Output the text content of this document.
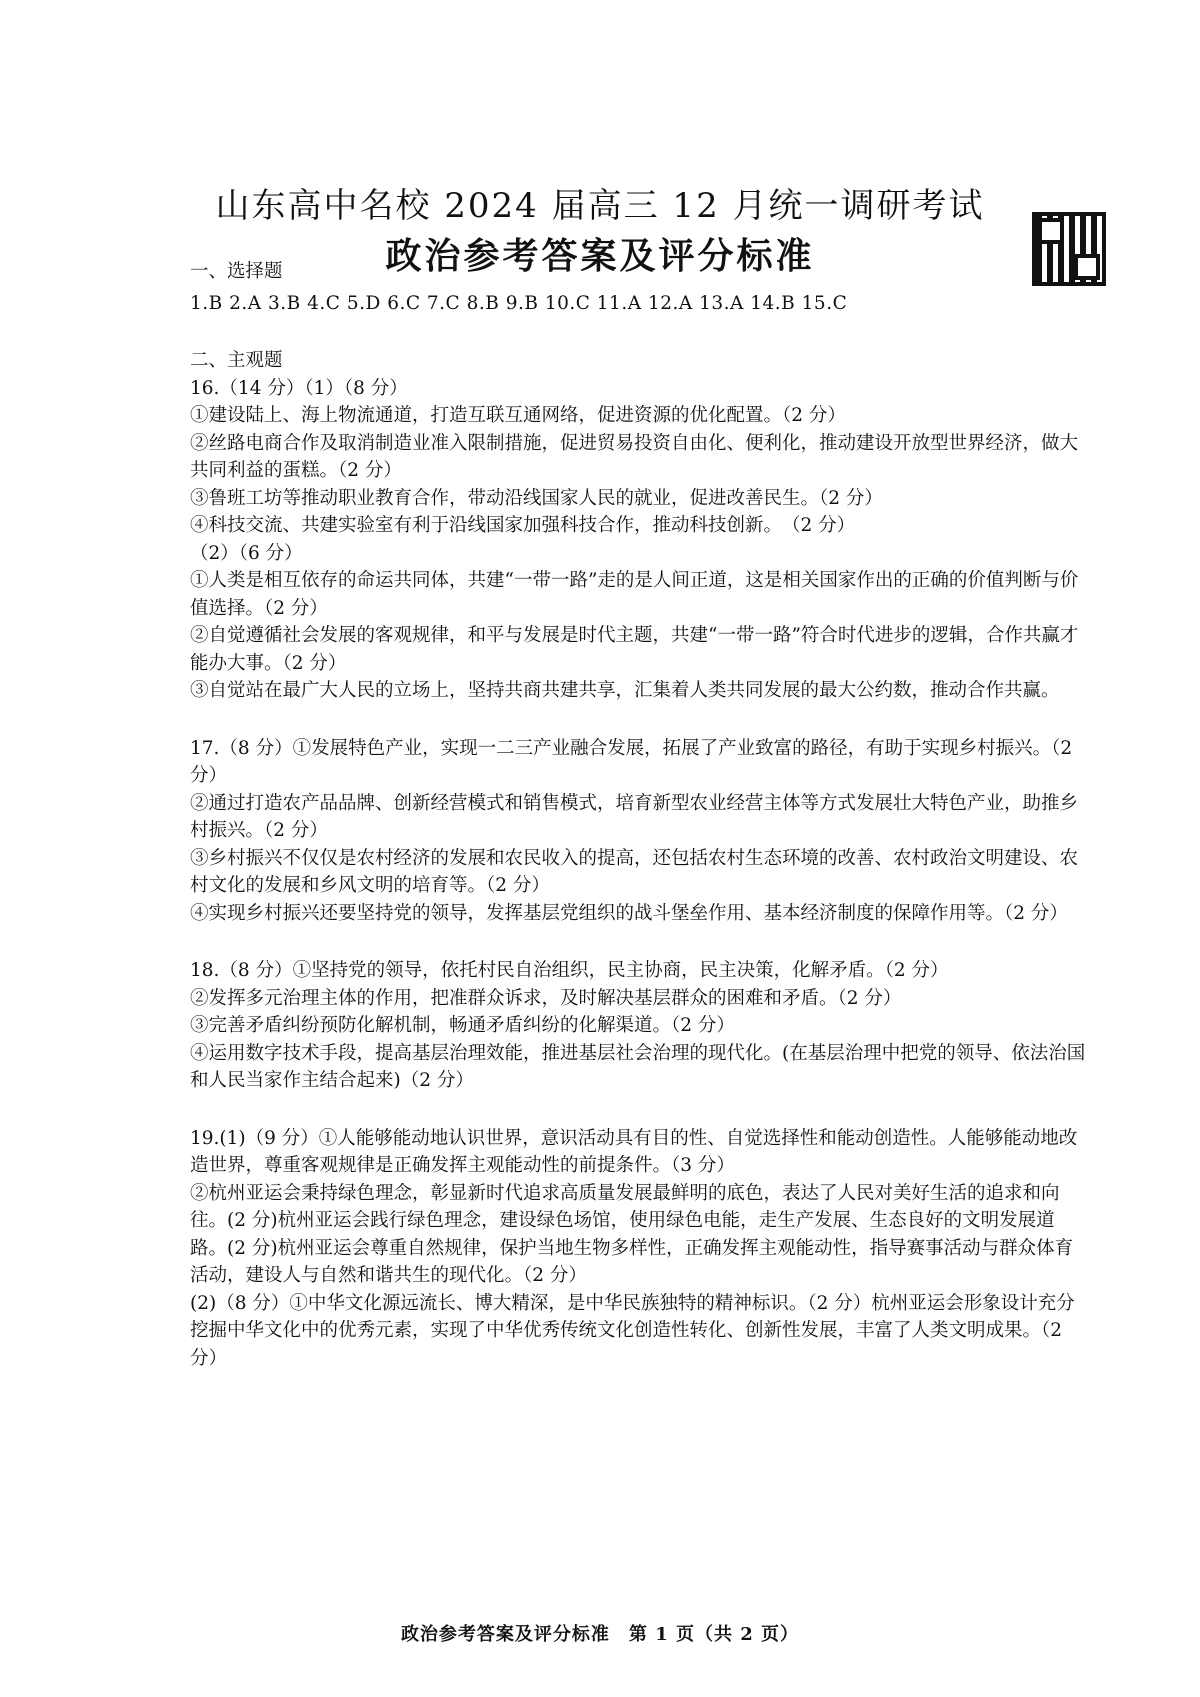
山东高中名校 2024 届高三 12 月统一调研考试
政治参考答案及评分标准

一、选择题

1.B 2.A 3.B 4.C 5.D 6.C 7.C 8.B 9.B 10.C 11.A 12.A 13.A 14.B 15.C

二、主观题

16.（14 分）（1）（8 分）

①建设陆上、海上物流通道，打造互联互通网络，促进资源的优化配置。（2 分）

②丝路电商合作及取消制造业准入限制措施，促进贸易投资自由化、便利化，推动建设开放型世界经济，做大共同利益的蛋糕。（2 分）

③鲁班工坊等推动职业教育合作，带动沿线国家人民的就业，促进改善民生。（2 分）

④科技交流、共建实验室有利于沿线国家加强科技合作，推动科技创新。　（2 分）

（2）（6 分）

①人类是相互依存的命运共同体，共建“一带一路”走的是人间正道，这是相关国家作出的正确的价值判断与价值选择。（2 分）

②自觉遵循社会发展的客观规律，和平与发展是时代主题，共建“一带一路”符合时代进步的逻辑，合作共赢才能办大事。（2 分）

③自觉站在最广大人民的立场上，坚持共商共建共享，汇集着人类共同发展的最大公约数，推动合作共赢。

17.（8 分）①发展特色产业，实现一二三产业融合发展，拓展了产业致富的路径，有助于实现乡村振兴。（2 分）

②通过打造农产品品牌、创新经营模式和销售模式，培育新型农业经营主体等方式发展壮大特色产业，助推乡村振兴。（2 分）

③乡村振兴不仅仅是农村经济的发展和农民收入的提高，还包括农村生态环境的改善、农村政治文明建设、农村文化的发展和乡风文明的培育等。（2 分）

④实现乡村振兴还要坚持党的领导，发挥基层党组织的战斗堡垒作用、基本经济制度的保障作用等。（2 分）

18.（8 分）①坚持党的领导，依托村民自治组织，民主协商，民主决策，化解矛盾。（2 分）

②发挥多元治理主体的作用，把准群众诉求，及时解决基层群众的困难和矛盾。（2 分）

③完善矛盾纠纷预防化解机制，畅通矛盾纠纷的化解渠道。（2 分）

④运用数字技术手段，提高基层治理效能，推进基层社会治理的现代化。(在基层治理中把党的领导、依法治国和人民当家作主结合起来)（2 分）

19.(1)（9 分）①人能够能动地认识世界，意识活动具有目的性、自觉选择性和能动创造性。人能够能动地改造世界，尊重客观规律是正确发挥主观能动性的前提条件。（3 分）

②杭州亚运会秉持绿色理念，彰显新时代追求高质量发展最鲜明的底色，表达了人民对美好生活的追求和向往。(2 分)杭州亚运会践行绿色理念，建设绿色场馆，使用绿色电能，走生产发展、生态良好的文明发展道路。(2 分)杭州亚运会尊重自然规律，保护当地生物多样性，正确发挥主观能动性，指导赛事活动与群众体育活动，建设人与自然和谐共生的现代化。（2 分）

(2)（8 分）①中华文化源远流长、博大精深，是中华民族独特的精神标识。（2 分）杭州亚运会形象设计充分挖掘中华文化中的优秀元素，实现了中华优秀传统文化创造性转化、创新性发展，丰富了人类文明成果。（2 分）

政治参考答案及评分标准　第 1 页（共 2 页）
